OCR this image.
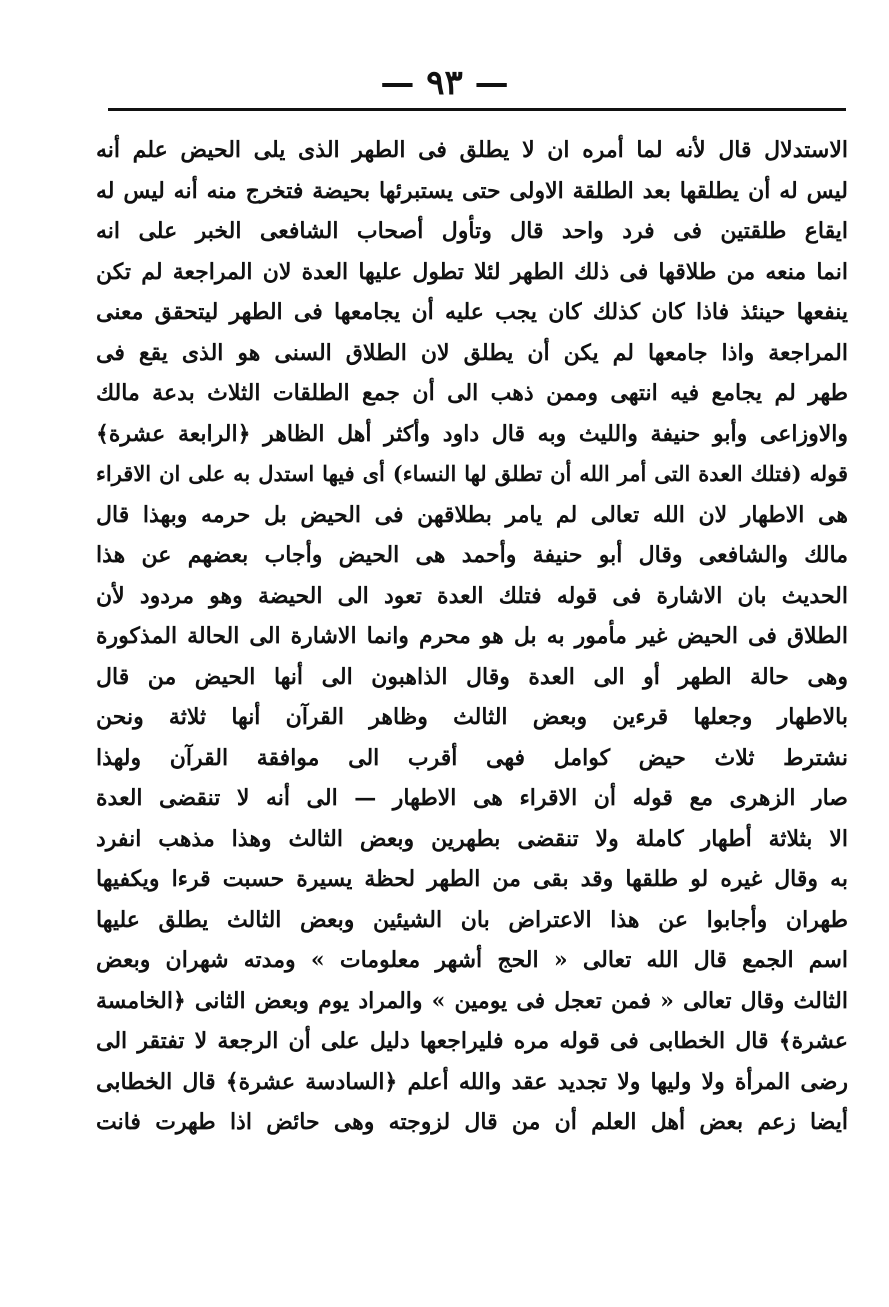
— ٩٣ —
الاستدلال قال لأنه لما أمره ان لا يطلق فى الطهر الذى يلى الحيض علم أنه
ليس له أن يطلقها بعد الطلقة الاولى حتى يستبرئها بحيضة فتخرج منه أنه ليس له
ايقاع طلقتين فى فرد واحد قال وتأول أصحاب الشافعى الخبر على انه
انما منعه من طلاقها فى ذلك الطهر لئلا تطول عليها العدة لان المراجعة لم تكن
ينفعها حينئذ فاذا كان كذلك كان يجب عليه أن يجامعها فى الطهر ليتحقق معنى
المراجعة واذا جامعها لم يكن أن يطلق لان الطلاق السنى هو الذى يقع فى
طهر لم يجامع فيه انتهى وممن ذهب الى أن جمع الطلقات الثلاث بدعة مالك
والاوزاعى وأبو حنيفة والليث وبه قال داود وأكثر أهل الظاهر ﴿الرابعة عشرة﴾
قوله (فتلك العدة التى أمر الله أن تطلق لها النساء) أى فيها استدل به على ان الاقراء
هى الاطهار لان الله تعالى لم يامر بطلاقهن فى الحيض بل حرمه وبهذا قال
مالك والشافعى وقال أبو حنيفة وأحمد هى الحيض وأجاب بعضهم عن هذا
الحديث بان الاشارة فى قوله فتلك العدة تعود الى الحيضة وهو مردود لأن
الطلاق فى الحيض غير مأمور به بل هو محرم وانما الاشارة الى الحالة المذكورة
وهى حالة الطهر أو الى العدة وقال الذاهبون الى أنها الحيض من قال
بالاطهار وجعلها قرءين وبعض الثالث وظاهر القرآن أنها ثلاثة ونحن
نشترط ثلاث حيض كوامل فهى أقرب الى موافقة القرآن ولهذا
صار الزهرى مع قوله أن الاقراء هى الاطهار — الى أنه لا تنقضى العدة
الا بثلاثة أطهار كاملة ولا تنقضى بطهرين وبعض الثالث وهذا مذهب انفرد
به وقال غيره لو طلقها وقد بقى من الطهر لحظة يسيرة حسبت قرءا ويكفيها
طهران وأجابوا عن هذا الاعتراض بان الشيئين وبعض الثالث يطلق عليها
اسم الجمع قال الله تعالى « الحج أشهر معلومات » ومدته شهران وبعض
الثالث وقال تعالى « فمن تعجل فى يومين » والمراد يوم وبعض الثانى ﴿الخامسة
عشرة﴾ قال الخطابى فى قوله مره فليراجعها دليل على أن الرجعة لا تفتقر الى
رضى المرأة ولا وليها ولا تجديد عقد والله أعلم ﴿السادسة عشرة﴾ قال الخطابى
أيضا زعم بعض أهل العلم أن من قال لزوجته وهى حائض اذا طهرت فانت
